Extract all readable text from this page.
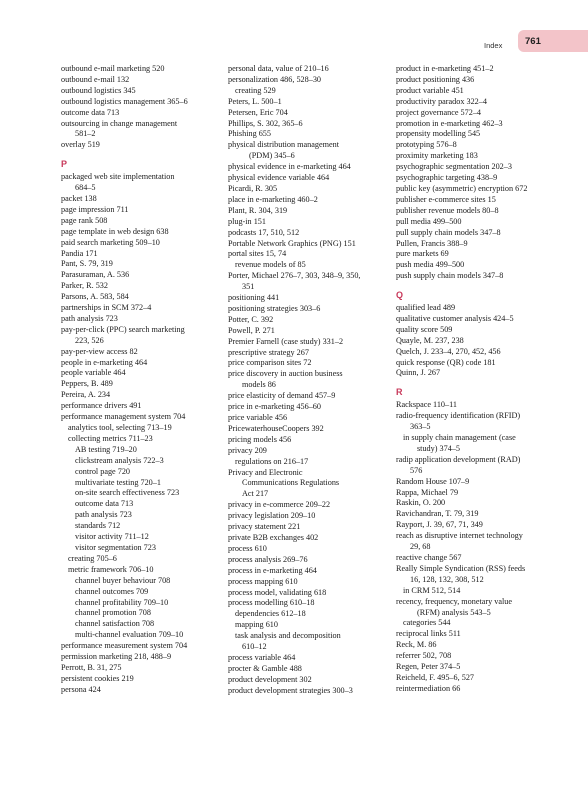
Index	761
outbound e-mail marketing 520
outbound e-mail 132
outbound logistics 345
outbound logistics management 365–6
outcome data 713
outsourcing in change management
581–2
overlay 519
P
packaged web site implementation
684–5
packet 138
page impression 711
page rank 508
page template in web design 638
paid search marketing 509–10
Pandia 171
Pant, S. 79, 319
Parasuraman, A. 536
Parker, R. 532
Parsons, A. 583, 584
partnerships in SCM 372–4
path analysis 723
pay-per-click (PPC) search marketing
223, 526
pay-per-view access 82
people in e-marketing 464
people variable 464
Peppers, B. 489
Pereira, A. 234
performance drivers 491
performance management system 704
analytics tool, selecting 713–19
collecting metrics 711–23
AB testing 719–20
clickstream analysis 722–3
control page 720
multivariate testing 720–1
on-site search effectiveness 723
outcome data 713
path analysis 723
standards 712
visitor activity 711–12
visitor segmentation 723
creating 705–6
metric framework 706–10
channel buyer behaviour 708
channel outcomes 709
channel profitability 709–10
channel promotion 708
channel satisfaction 708
multi-channel evaluation 709–10
performance measurement system 704
permission marketing 218, 488–9
Perrott, B. 31, 275
persistent cookies 219
persona 424
personal data, value of 210–16
personalization 486, 528–30
creating 529
Peters, L. 500–1
Petersen, Eric 704
Phillips, S. 302, 365–6
Phishing 655
physical distribution management
(PDM) 345–6
physical evidence in e-marketing 464
physical evidence variable 464
Picardi, R. 305
place in e-marketing 460–2
Plant, R. 304, 319
plug-in 151
podcasts 17, 510, 512
Portable Network Graphics (PNG) 151
portal sites 15, 74
revenue models of 85
Porter, Michael 276–7, 303, 348–9, 350,
351
positioning 441
positioning strategies 303–6
Potter, C. 392
Powell, P. 271
Premier Farnell (case study) 331–2
prescriptive strategy 267
price comparison sites 72
price discovery in auction business
models 86
price elasticity of demand 457–9
price in e-marketing 456–60
price variable 456
PricewaterhouseCoopers 392
pricing models 456
privacy 209
regulations on 216–17
Privacy and Electronic
Communications Regulations
Act 217
privacy in e-commerce 209–22
privacy legislation 209–10
privacy statement 221
private B2B exchanges 402
process 610
process analysis 269–76
process in e-marketing 464
process mapping 610
process model, validating 618
process modelling 610–18
dependencies 612–18
mapping 610
task analysis and decomposition
610–12
process variable 464
procter & Gamble 488
product development 302
product development strategies 300–3
product in e-marketing 451–2
product positioning 436
product variable 451
productivity paradox 322–4
project governance 572–4
promotion in e-marketing 462–3
propensity modelling 545
prototyping 576–8
proximity marketing 183
psychographic segmentation 202–3
psychographic targeting 438–9
public key (asymmetric) encryption 672
publisher e-commerce sites 15
publisher revenue models 80–8
pull media 499–500
pull supply chain models 347–8
Pullen, Francis 388–9
pure markets 69
push media 499–500
push supply chain models 347–8
Q
qualified lead 489
qualitative customer analysis 424–5
quality score 509
Quayle, M. 237, 238
Quelch, J. 233–4, 270, 452, 456
quick response (QR) code 181
Quinn, J. 267
R
Rackspace 110–11
radio-frequency identification (RFID)
363–5
in supply chain management (case
study) 374–5
radip application development (RAD)
576
Random House 107–9
Rappa, Michael 79
Raskin, O. 200
Ravichandran, T. 79, 319
Rayport, J. 39, 67, 71, 349
reach as disruptive internet technology
29, 68
reactive change 567
Really Simple Syndication (RSS) feeds
16, 128, 132, 308, 512
in CRM 512, 514
recency, frequency, monetary value
(RFM) analysis 543–5
categories 544
reciprocal links 511
Reck, M. 86
referrer 502, 708
Regen, Peter 374–5
Reicheld, F. 495–6, 527
reintermediation 66
